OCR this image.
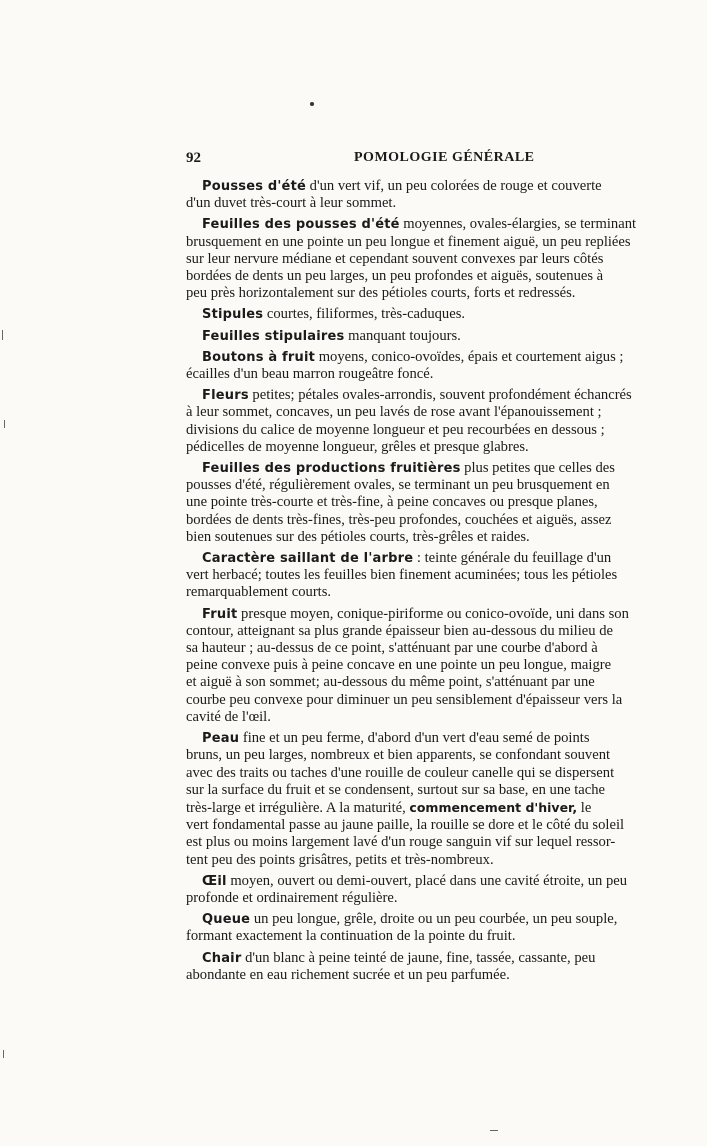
92	POMOLOGIE GÉNÉRALE
Pousses d'été d'un vert vif, un peu colorées de rouge et couverte
d'un duvet très-court à leur sommet.
Feuilles des pousses d'été moyennes, ovales-élargies, se terminant
brusquement en une pointe un peu longue et finement aiguë, un peu repliées
sur leur nervure médiane et cependant souvent convexes par leurs côtés
bordées de dents un peu larges, un peu profondes et aiguës, soutenues à
peu près horizontalement sur des pétioles courts, forts et redressés.
Stipules courtes, filiformes, très-caduques.
Feuilles stipulaires manquant toujours.
Boutons à fruit moyens, conico-ovoïdes, épais et courtement aigus ;
écailles d'un beau marron rougeâtre foncé.
Fleurs petites; pétales ovales-arrondis, souvent profondément échancrés
à leur sommet, concaves, un peu lavés de rose avant l'épanouissement ;
divisions du calice de moyenne longueur et peu recourbées en dessous ;
pédicelles de moyenne longueur, grêles et presque glabres.
Feuilles des productions fruitières plus petites que celles des
pousses d'été, régulièrement ovales, se terminant un peu brusquement en
une pointe très-courte et très-fine, à peine concaves ou presque planes,
bordées de dents très-fines, très-peu profondes, couchées et aiguës, assez
bien soutenues sur des pétioles courts, très-grêles et raides.
Caractère saillant de l'arbre : teinte générale du feuillage d'un
vert herbacé; toutes les feuilles bien finement acuminées; tous les pétioles
remarquablement courts.
Fruit presque moyen, conique-piriforme ou conico-ovoïde, uni dans son
contour, atteignant sa plus grande épaisseur bien au-dessous du milieu de
sa hauteur ; au-dessus de ce point, s'atténuant par une courbe d'abord à
peine convexe puis à peine concave en une pointe un peu longue, maigre
et aiguë à son sommet; au-dessous du même point, s'atténuant par une
courbe peu convexe pour diminuer un peu sensiblement d'épaisseur vers la
cavité de l'œil.
Peau fine et un peu ferme, d'abord d'un vert d'eau semé de points
bruns, un peu larges, nombreux et bien apparents, se confondant souvent
avec des traits ou taches d'une rouille de couleur canelle qui se dispersent
sur la surface du fruit et se condensent, surtout sur sa base, en une tache
très-large et irrégulière. A la maturité, commencement d'hiver, le
vert fondamental passe au jaune paille, la rouille se dore et le côté du soleil
est plus ou moins largement lavé d'un rouge sanguin vif sur lequel ressor-
tent peu des points grisâtres, petits et très-nombreux.
Œil moyen, ouvert ou demi-ouvert, placé dans une cavité étroite, un peu
profonde et ordinairement régulière.
Queue un peu longue, grêle, droite ou un peu courbée, un peu souple,
formant exactement la continuation de la pointe du fruit.
Chair d'un blanc à peine teinté de jaune, fine, tassée, cassante, peu
abondante en eau richement sucrée et un peu parfumée.
